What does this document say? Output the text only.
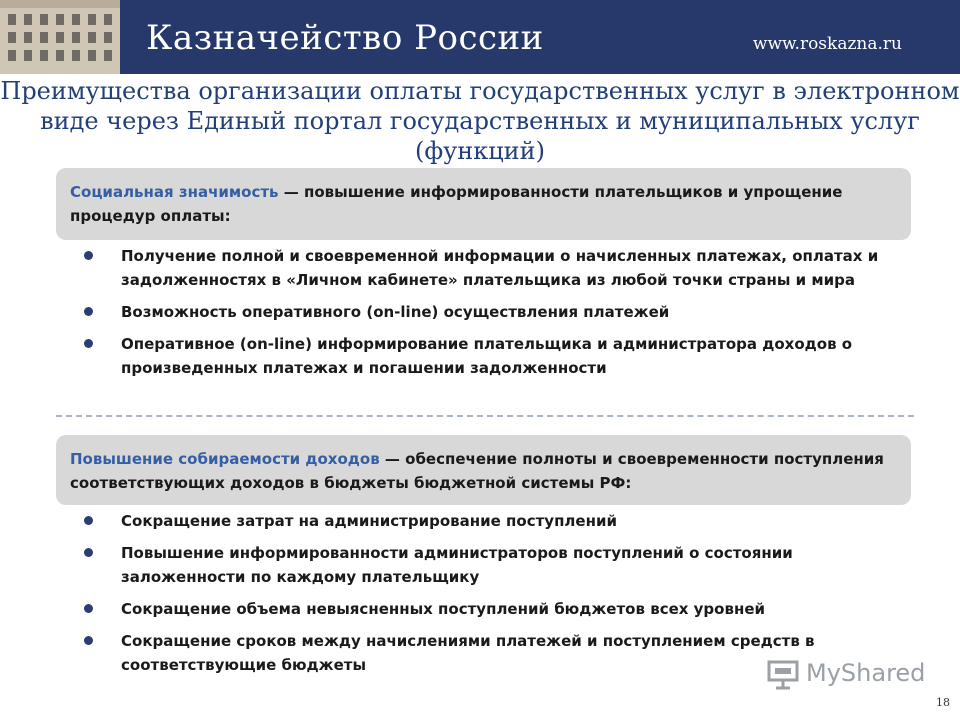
Казначейство России	www.roskazna.ru
Преимущества организации оплаты государственных услуг в электронном виде через Единый портал государственных и муниципальных услуг (функций)
Социальная значимость — повышение информированности плательщиков и упрощение процедур оплаты:
Получение полной и своевременной информации о начисленных платежах, оплатах и задолженностях в «Личном кабинете» плательщика из любой точки страны и мира
Возможность оперативного (on-line) осуществления платежей
Оперативное (on-line) информирование плательщика и администратора доходов о произведенных платежах и погашении задолженности
Повышение собираемости доходов — обеспечение полноты и своевременности поступления соответствующих доходов в бюджеты бюджетной системы РФ:
Сокращение затрат на администрирование поступлений
Повышение информированности администраторов поступлений о состоянии заложенности по каждому плательщику
Сокращение объема невыясненных поступлений бюджетов всех уровней
Сокращение сроков между начислениями платежей и поступлением средств в соответствующие бюджеты	MyShared
18
